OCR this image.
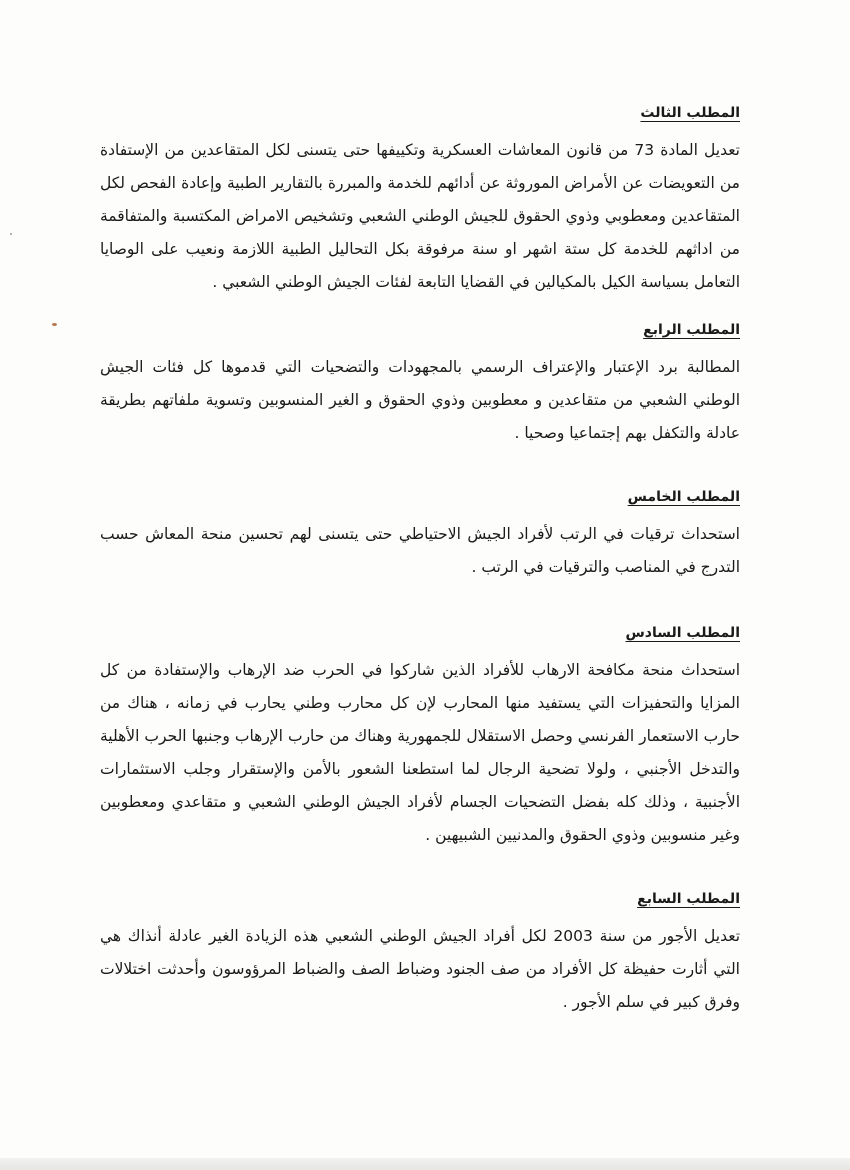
المطلب الثالث

تعديل المادة 73 من قانون المعاشات العسكرية وتكييفها حتى يتسنى لكل المتقاعدين من الإستفادة من التعويضات عن الأمراض الموروثة عن أدائهم للخدمة والمبررة بالتقارير الطبية وإعادة الفحص لكل المتقاعدين ومعطوبي وذوي الحقوق للجيش الوطني الشعبي وتشخيص الامراض المكتسبة والمتفاقمة من اداثهم للخدمة كل ستة اشهر او سنة مرفوقة بكل التحاليل الطبية اللازمة ونعيب على الوصايا التعامل بسياسة الكيل بالمكيالين في القضايا التابعة لفئات الجيش الوطني الشعبي .

المطلب الرابع

المطالبة برد الإعتبار والإعتراف الرسمي بالمجهودات والتضحيات التي قدموها كل فئات الجيش الوطني الشعبي من متقاعدين و معطوبين وذوي الحقوق و الغير المنسوبين وتسوية ملفاتهم بطريقة عادلة والتكفل بهم إجتماعيا وصحيا .

المطلب الخامس

استحداث ترقيات في الرتب لأفراد الجيش الاحتياطي حتى يتسنى لهم تحسين منحة المعاش حسب التدرج في المناصب والترقيات في الرتب .

المطلب السادس

استحداث منحة مكافحة الارهاب للأفراد الذين شاركوا في الحرب ضد الإرهاب والإستفادة من كل المزايا والتحفيزات التي يستفيد منها المحارب لإن كل محارب وطني يحارب في زمانه ، هناك من حارب الاستعمار الفرنسي وحصل الاستقلال للجمهورية وهناك من حارب الإرهاب وجنبها الحرب الأهلية والتدخل الأجنبي ، ولولا تضحية الرجال لما استطعنا الشعور بالأمن والإستقرار وجلب الاستثمارات الأجنبية ، وذلك كله بفضل التضحيات الجسام لأفراد الجيش الوطني الشعبي و متقاعدي ومعطوبين وغير منسوبين وذوي الحقوق والمدنيين الشبيهين .

المطلب السابع

تعديل الأجور من سنة 2003 لكل أفراد الجيش الوطني الشعبي هذه الزيادة الغير عادلة أنذاك هي التي أثارت حفيظة كل الأفراد من صف الجنود وضباط الصف والضباط المرؤوسون وأحدثت اختلالات وفرق كبير في سلم الأجور .
